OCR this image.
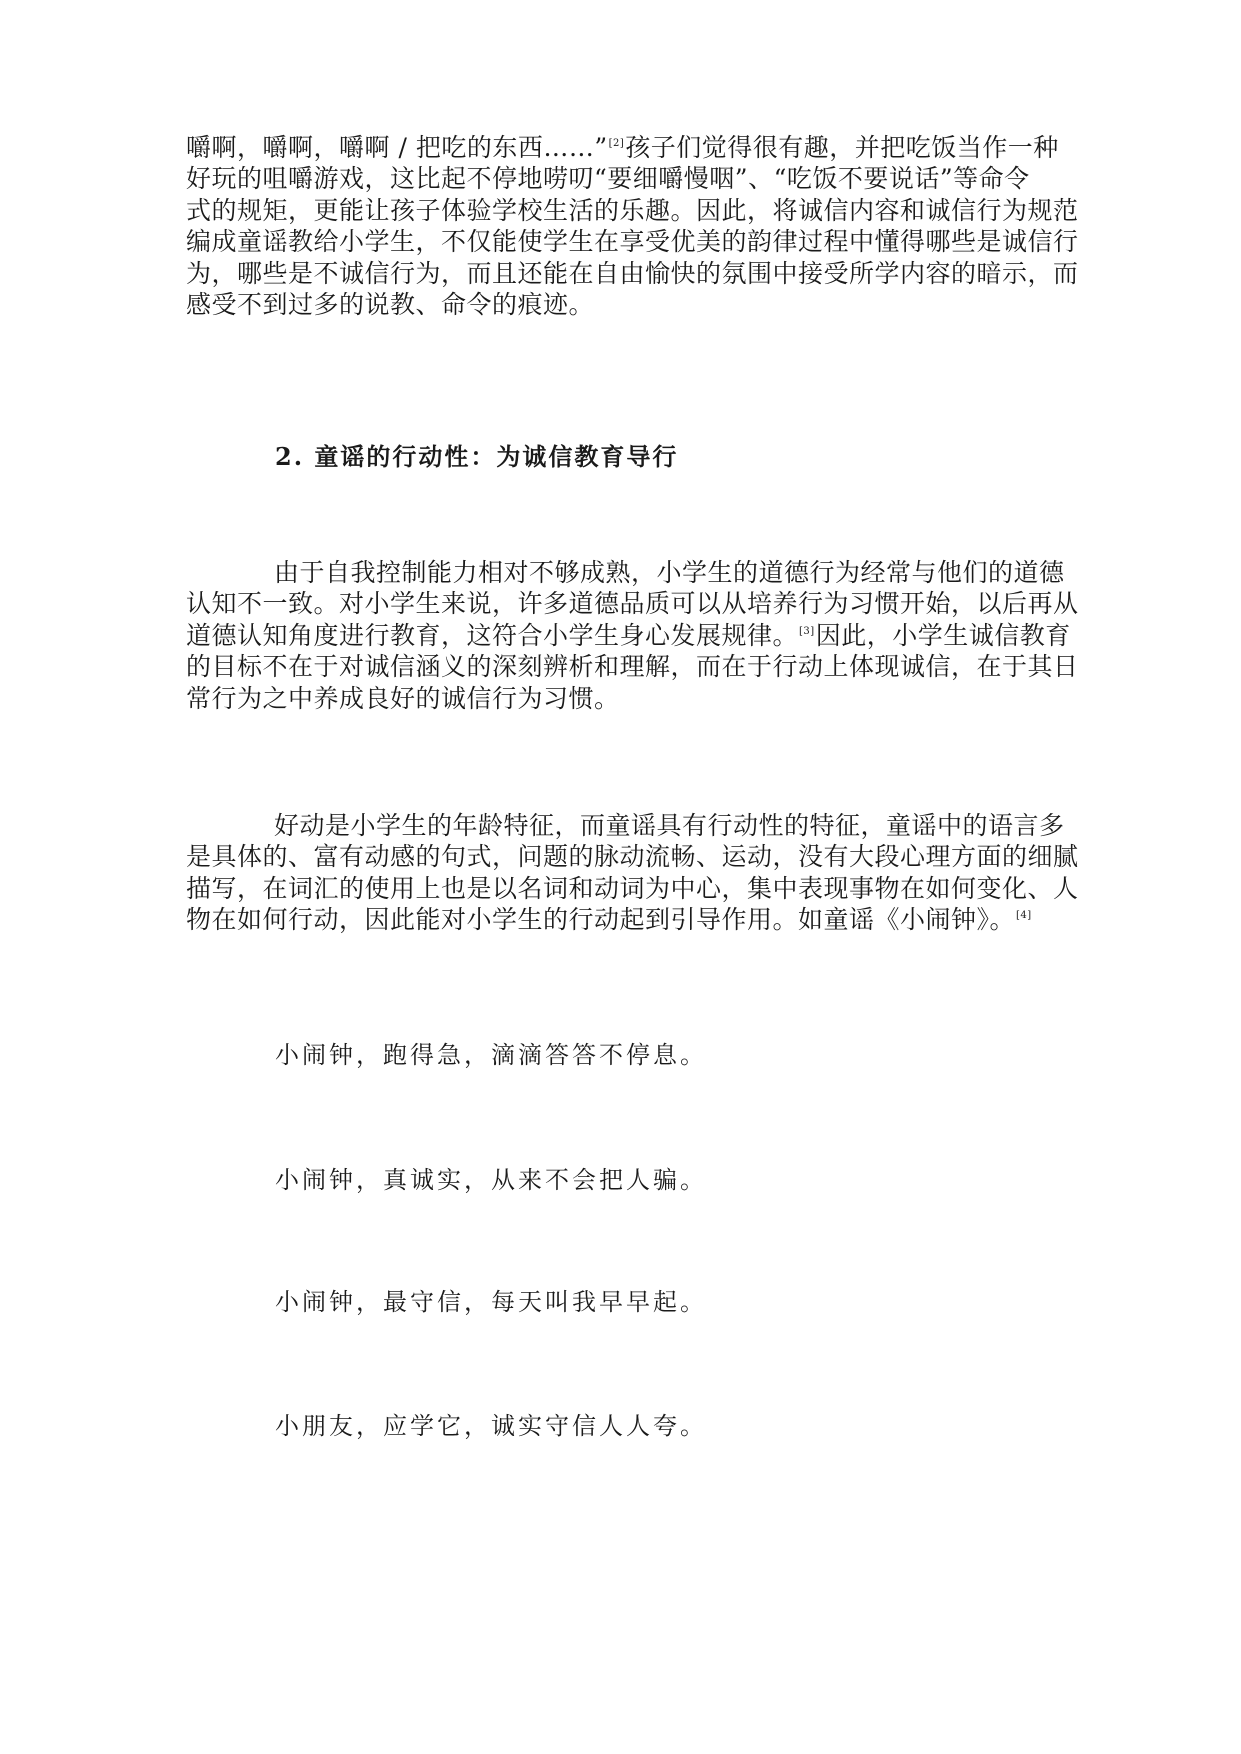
嚼啊，嚼啊，嚼啊 / 把吃的东西……”[2]孩子们觉得很有趣，并把吃饭当作一种
好玩的咀嚼游戏，这比起不停地唠叨“要细嚼慢咽”、“吃饭不要说话”等命令
式的规矩，更能让孩子体验学校生活的乐趣。因此，将诚信内容和诚信行为规范
编成童谣教给小学生，不仅能使学生在享受优美的韵律过程中懂得哪些是诚信行
为，哪些是不诚信行为，而且还能在自由愉快的氛围中接受所学内容的暗示，而
感受不到过多的说教、命令的痕迹。

2. 童谣的行动性：为诚信教育导行

由于自我控制能力相对不够成熟，小学生的道德行为经常与他们的道德
认知不一致。对小学生来说，许多道德品质可以从培养行为习惯开始，以后再从
道德认知角度进行教育，这符合小学生身心发展规律。[3]因此，小学生诚信教育
的目标不在于对诚信涵义的深刻辨析和理解，而在于行动上体现诚信，在于其日
常行为之中养成良好的诚信行为习惯。

好动是小学生的年龄特征，而童谣具有行动性的特征，童谣中的语言多
是具体的、富有动感的句式，问题的脉动流畅、运动，没有大段心理方面的细腻
描写，在词汇的使用上也是以名词和动词为中心，集中表现事物在如何变化、人
物在如何行动，因此能对小学生的行动起到引导作用。如童谣《小闹钟》。[4]

小闹钟，跑得急，滴滴答答不停息。

小闹钟，真诚实，从来不会把人骗。

小闹钟，最守信，每天叫我早早起。

小朋友，应学它，诚实守信人人夸。
